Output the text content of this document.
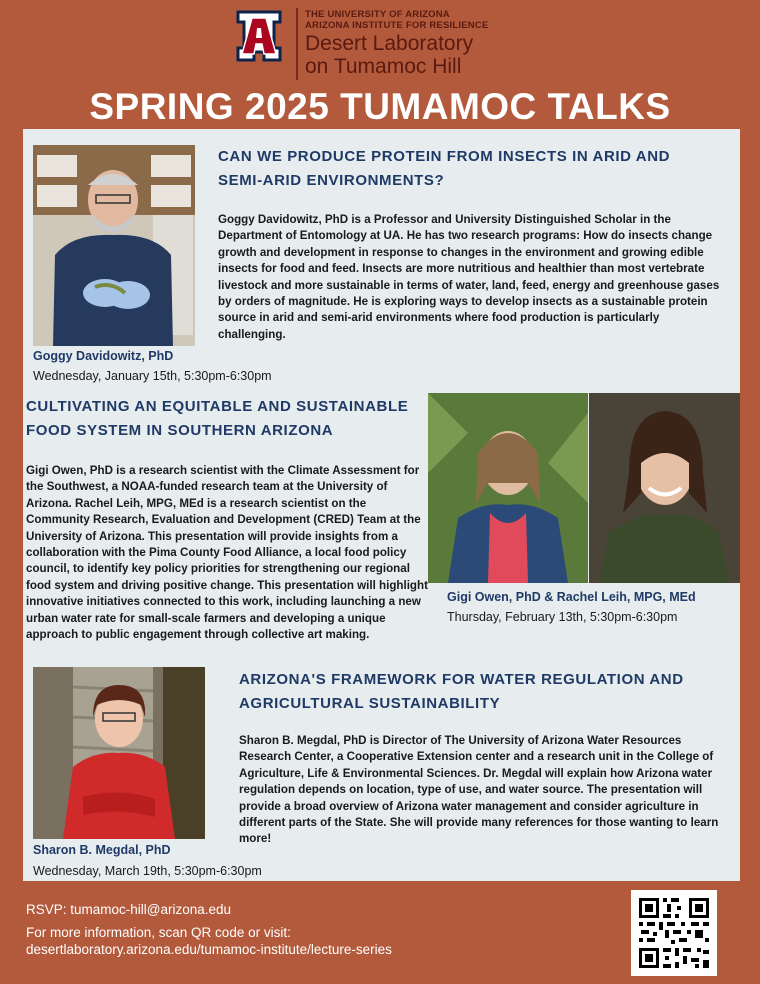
THE UNIVERSITY OF ARIZONA
ARIZONA INSTITUTE FOR RESILIENCE
Desert Laboratory
on Tumamoc Hill
SPRING 2025 TUMAMOC TALKS
CAN WE PRODUCE PROTEIN FROM INSECTS IN ARID AND SEMI-ARID ENVIRONMENTS?
Goggy Davidowitz, PhD is a Professor and University Distinguished Scholar in the Department of Entomology at UA. He has two research programs: How do insects change growth and development in response to changes in the environment and growing edible insects for food and feed. Insects are more nutritious and healthier than most vertebrate livestock and more sustainable in terms of water, land, feed, energy and greenhouse gases by orders of magnitude. He is exploring ways to develop insects as a sustainable protein source in arid and semi-arid environments where food production is particularly challenging.
Goggy Davidowitz, PhD
Wednesday, January 15th, 5:30pm-6:30pm
CULTIVATING AN EQUITABLE AND SUSTAINABLE FOOD SYSTEM IN SOUTHERN ARIZONA
Gigi Owen, PhD is a research scientist with the Climate Assessment for the Southwest, a NOAA-funded research team at the University of Arizona. Rachel Leih, MPG, MEd is a research scientist on the Community Research, Evaluation and Development (CRED) Team at the University of Arizona. This presentation will provide insights from a collaboration with the Pima County Food Alliance, a local food policy council, to identify key policy priorities for strengthening our regional food system and driving positive change. This presentation will highlight innovative initiatives connected to this work, including launching a new urban water rate for small-scale farmers and developing a unique approach to public engagement through collective art making.
Gigi Owen, PhD & Rachel Leih, MPG, MEd
Thursday, February 13th, 5:30pm-6:30pm
ARIZONA'S FRAMEWORK FOR WATER REGULATION AND AGRICULTURAL SUSTAINABILITY
Sharon B. Megdal, PhD is Director of The University of Arizona Water Resources Research Center, a Cooperative Extension center and a research unit in the College of Agriculture, Life & Environmental Sciences. Dr. Megdal will explain how Arizona water regulation depends on location, type of use, and water source. The presentation will provide a broad overview of Arizona water management and consider agriculture in different parts of the State. She will provide many references for those wanting to learn more!
Sharon B. Megdal, PhD
Wednesday, March 19th, 5:30pm-6:30pm
RSVP: tumamoc-hill@arizona.edu
For more information, scan QR code or visit:
desertlaboratory.arizona.edu/tumamoc-institute/lecture-series
